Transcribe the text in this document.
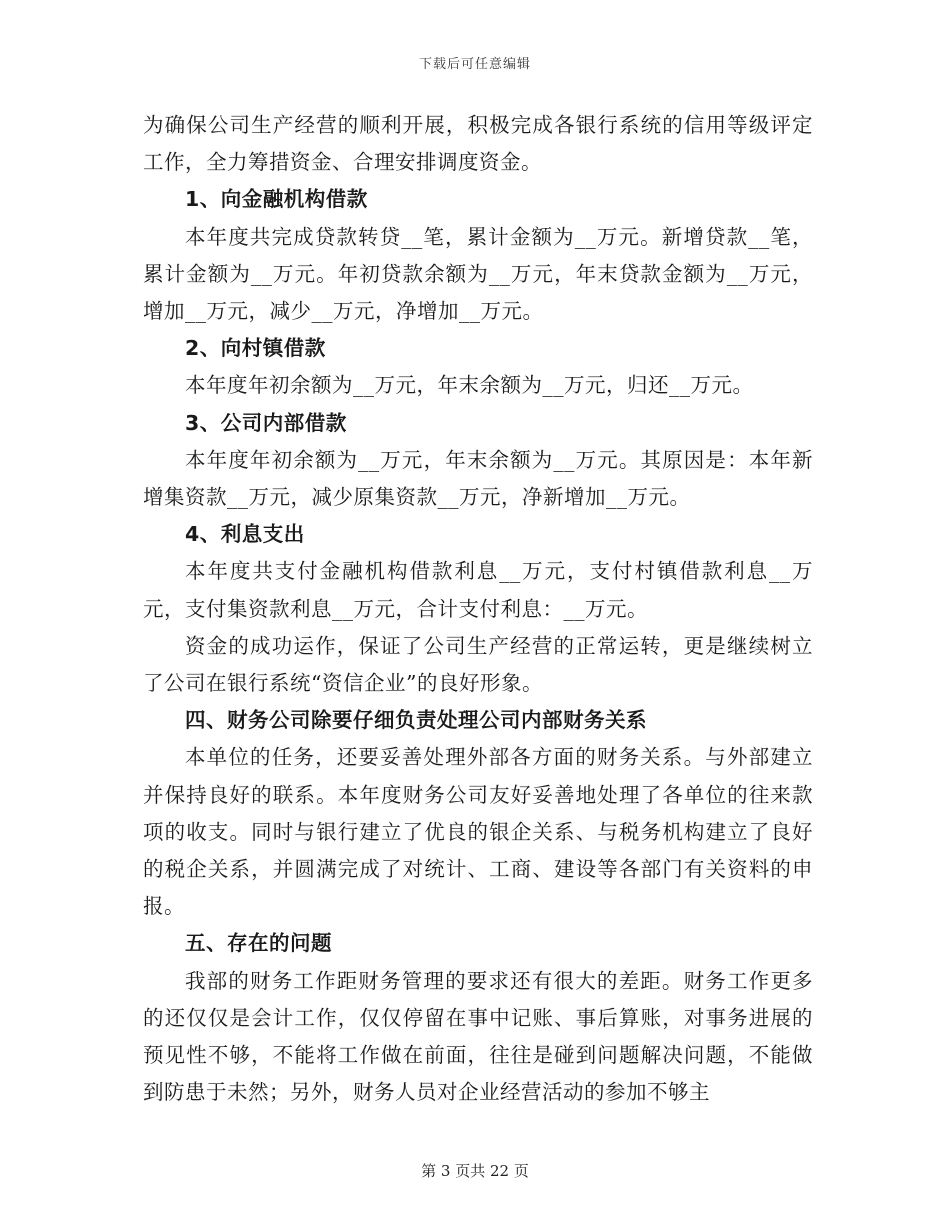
下载后可任意编辑

为确保公司生产经营的顺利开展，积极完成各银行系统的信用等级评定工作，全力筹措资金、合理安排调度资金。

1、向金融机构借款

本年度共完成贷款转贷__笔，累计金额为__万元。新增贷款__笔，累计金额为__万元。年初贷款余额为__万元，年末贷款金额为__万元，增加__万元，减少__万元，净增加__万元。

2、向村镇借款

本年度年初余额为__万元，年末余额为__万元，归还__万元。

3、公司内部借款

本年度年初余额为__万元，年末余额为__万元。其原因是：本年新增集资款__万元，减少原集资款__万元，净新增加__万元。

4、利息支出

本年度共支付金融机构借款利息__万元，支付村镇借款利息__万元，支付集资款利息__万元，合计支付利息：__万元。

资金的成功运作，保证了公司生产经营的正常运转，更是继续树立了公司在银行系统“资信企业”的良好形象。

四、财务公司除要仔细负责处理公司内部财务关系

本单位的任务，还要妥善处理外部各方面的财务关系。与外部建立并保持良好的联系。本年度财务公司友好妥善地处理了各单位的往来款项的收支。同时与银行建立了优良的银企关系、与税务机构建立了良好的税企关系，并圆满完成了对统计、工商、建设等各部门有关资料的申报。

五、存在的问题

我部的财务工作距财务管理的要求还有很大的差距。财务工作更多的还仅仅是会计工作，仅仅停留在事中记账、事后算账，对事务进展的预见性不够，不能将工作做在前面，往往是碰到问题解决问题，不能做到防患于未然；另外，财务人员对企业经营活动的参加不够主

第 3 页共 22 页
